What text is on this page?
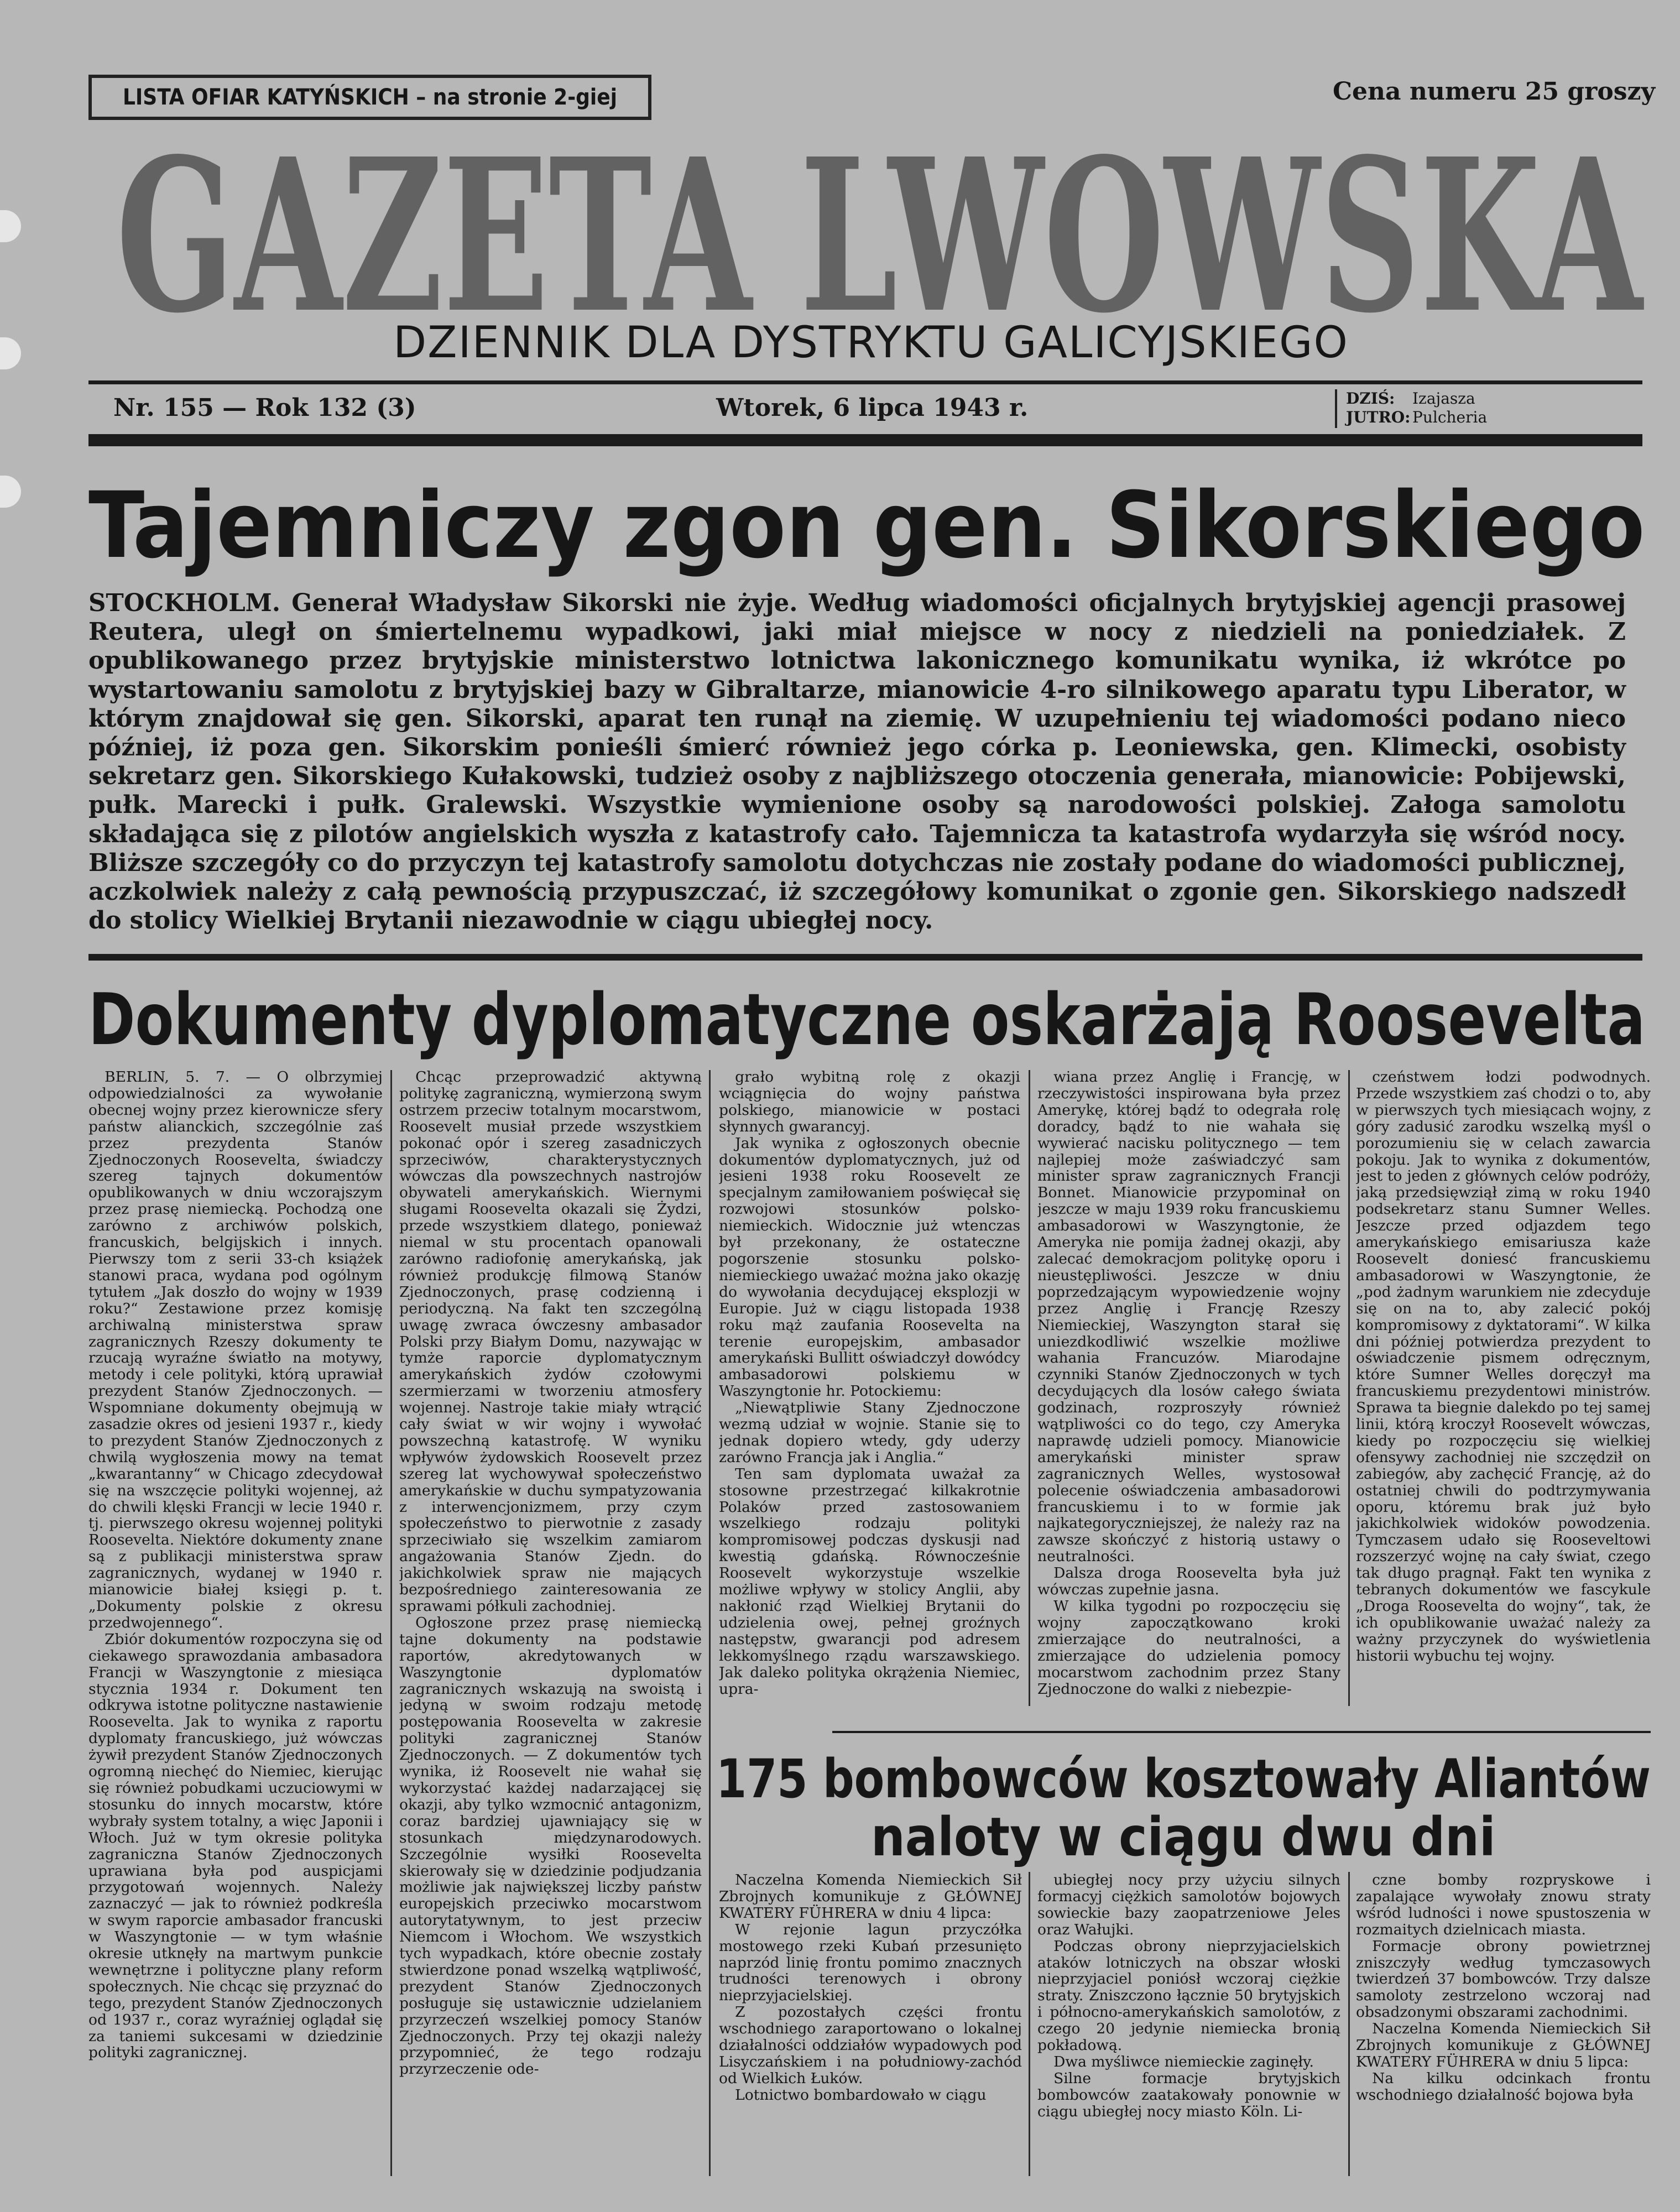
LISTA OFIAR KATYŃSKICH – na stronie 2-giej	Cena numeru 25 groszy
GAZETA LWOWSKA
DZIENNIK DLA DYSTRYKTU GALICYJSKIEGO
Nr. 155 — Rok 132 (3)	Wtorek, 6 lipca 1943 r.	DZIŚ: Izajasza
JUTRO: Pulcheria
Tajemniczy zgon gen. Sikorskiego

STOCKHOLM. Generał Władysław Sikorski nie żyje. Według wiadomości oficjalnych brytyjskiej agencji prasowej Reutera, uległ on śmiertelnemu wypadkowi, jaki miał miejsce w nocy z niedzieli na poniedziałek. Z opublikowanego przez brytyjskie ministerstwo lotnictwa lakonicznego komunikatu wynika, iż wkrótce po wystartowaniu samolotu z brytyjskiej bazy w Gibraltarze, mianowicie 4-ro silnikowego aparatu typu Liberator, w którym znajdował się gen. Sikorski, aparat ten runął na ziemię. W uzupełnieniu tej wiadomości podano nieco później, iż poza gen. Sikorskim ponieśli śmierć również jego córka p. Leoniewska, gen. Klimecki, osobisty sekretarz gen. Sikorskiego Kułakowski, tudzież osoby z najbliższego otoczenia generała, mianowicie: Pobijewski, pułk. Marecki i pułk. Gralewski. Wszystkie wymienione osoby są narodowości polskiej. Załoga samolotu składająca się z pilotów angielskich wyszła z katastrofy cało. Tajemnicza ta katastrofa wydarzyła się wśród nocy. Bliższe szczegóły co do przyczyn tej katastrofy samolotu dotychczas nie zostały podane do wiadomości publicznej, aczkolwiek należy z całą pewnością przypuszczać, iż szczegółowy komunikat o zgonie gen. Sikorskiego nadszedł do stolicy Wielkiej Brytanii niezawodnie w ciągu ubiegłej nocy.

Dokumenty dyplomatyczne oskarżają Roosevelta

BERLIN, 5. 7. — O olbrzymiej odpowiedzialności za wywołanie obecnej wojny przez kierownicze sfery państw alianckich, szczególnie zaś przez prezydenta Stanów Zjednoczonych Roosevelta, świadczy szereg tajnych dokumentów opublikowanych w dniu wczorajszym przez prasę niemiecką. Pochodzą one zarówno z archiwów polskich, francuskich, belgijskich i innych. Pierwszy tom z serii 33-ch książek stanowi praca, wydana pod ogólnym tytułem „Jak doszło do wojny w 1939 roku?“ Zestawione przez komisję archiwalną ministerstwa spraw zagranicznych Rzeszy dokumenty te rzucają wyraźne światło na motywy, metody i cele polityki, którą uprawiał prezydent Stanów Zjednoczonych. — Wspomniane dokumenty obejmują w zasadzie okres od jesieni 1937 r., kiedy to prezydent Stanów Zjednoczonych z chwilą wygłoszenia mowy na temat „kwarantanny“ w Chicago zdecydował się na wszczęcie polityki wojennej, aż do chwili klęski Francji w lecie 1940 r. tj. pierwszego okresu wojennej polityki Roosevelta. Niektóre dokumenty znane są z publikacji ministerstwa spraw zagranicznych, wydanej w 1940 r. mianowicie białej księgi p. t. „Dokumenty polskie z okresu przedwojennego“.

Zbiór dokumentów rozpoczyna się od ciekawego sprawozdania ambasadora Francji w Waszyngtonie z miesiąca stycznia 1934 r. Dokument ten odkrywa istotne polityczne nastawienie Roosevelta. Jak to wynika z raportu dyplomaty francuskiego, już wówczas żywił prezydent Stanów Zjednoczonych ogromną niechęć do Niemiec, kierując się również pobudkami uczuciowymi w stosunku do innych mocarstw, które wybrały system totalny, a więc Japonii i Włoch. Już w tym okresie polityka zagraniczna Stanów Zjednoczonych uprawiana była pod auspicjami przygotowań wojennych. Należy zaznaczyć — jak to również podkreśla w swym raporcie ambasador francuski w Waszyngtonie — w tym właśnie okresie utknęły na martwym punkcie wewnętrzne i polityczne plany reform społecznych. Nie chcąc się przyznać do tego, prezydent Stanów Zjednoczonych od 1937 r., coraz wyraźniej oglądał się za taniemi sukcesami w dziedzinie polityki zagranicznej.

Chcąc przeprowadzić aktywną politykę zagraniczną, wymierzoną swym ostrzem przeciw totalnym mocarstwom, Roosevelt musiał przede wszystkiem pokonać opór i szereg zasadniczych sprzeciwów, charakterystycznych wówczas dla powszechnych nastrojów obywateli amerykańskich. Wiernymi sługami Roosevelta okazali się Żydzi, przede wszystkiem dlatego, ponieważ niemal w stu procentach opanowali zarówno radiofonię amerykańską, jak również produkcję filmową Stanów Zjednoczonych, prasę codzienną i periodyczną. Na fakt ten szczególną uwagę zwraca ówczesny ambasador Polski przy Białym Domu, nazywając w tymże raporcie dyplomatycznym amerykańskich żydów czołowymi szermierzami w tworzeniu atmosfery wojennej. Nastroje takie miały wtrącić cały świat w wir wojny i wywołać powszechną katastrofę. W wyniku wpływów żydowskich Roosevelt przez szereg lat wychowywał społeczeństwo amerykańskie w duchu sympatyzowania z interwencjonizmem, przy czym społeczeństwo to pierwotnie z zasady sprzeciwiało się wszelkim zamiarom angażowania Stanów Zjedn. do jakichkolwiek spraw nie mających bezpośredniego zainteresowania ze sprawami półkuli zachodniej.

Ogłoszone przez prasę niemiecką tajne dokumenty na podstawie raportów, akredytowanych w Waszyngtonie dyplomatów zagranicznych wskazują na swoistą i jedyną w swoim rodzaju metodę postępowania Roosevelta w zakresie polityki zagranicznej Stanów Zjednoczonych. — Z dokumentów tych wynika, iż Roosevelt nie wahał się wykorzystać każdej nadarzającej się okazji, aby tylko wzmocnić antagonizm, coraz bardziej ujawniający się w stosunkach międzynarodowych. Szczególnie wysiłki Roosevelta skierowały się w dziedzinie podjudzania możliwie jak największej liczby państw europejskich przeciwko mocarstwom autorytatywnym, to jest przeciw Niemcom i Włochom. We wszystkich tych wypadkach, które obecnie zostały stwierdzone ponad wszelką wątpliwość, prezydent Stanów Zjednoczonych posługuje się ustawicznie udzielaniem przyrzeczeń wszelkiej pomocy Stanów Zjednoczonych. Przy tej okazji należy przypomnieć, że tego rodzaju przyrzeczenie ode-

grało wybitną rolę z okazji wciągnięcia do wojny państwa polskiego, mianowicie w postaci słynnych gwarancyj.

Jak wynika z ogłoszonych obecnie dokumentów dyplomatycznych, już od jesieni 1938 roku Roosevelt ze specjalnym zamiłowaniem poświęcał się rozwojowi stosunków polsko-niemieckich. Widocznie już wtenczas był przekonany, że ostateczne pogorszenie stosunku polsko-niemieckiego uważać można jako okazję do wywołania decydującej eksplozji w Europie. Już w ciągu listopada 1938 roku mąż zaufania Roosevelta na terenie europejskim, ambasador amerykański Bullitt oświadczył dowódcy ambasadorowi polskiemu w Waszyngtonie hr. Potockiemu:

„Niewątpliwie Stany Zjednoczone wezmą udział w wojnie. Stanie się to jednak dopiero wtedy, gdy uderzy zarówno Francja jak i Anglia.“

Ten sam dyplomata uważał za stosowne przestrzegać kilkakrotnie Polaków przed zastosowaniem wszelkiego rodzaju polityki kompromisowej podczas dyskusji nad kwestią gdańską. Równocześnie Roosevelt wykorzystuje wszelkie możliwe wpływy w stolicy Anglii, aby nakłonić rząd Wielkiej Brytanii do udzielenia owej, pełnej groźnych następstw, gwarancji pod adresem lekkomyślnego rządu warszawskiego. Jak daleko polityka okrążenia Niemiec, upra-

wiana przez Anglię i Francję, w rzeczywistości inspirowana była przez Amerykę, której bądź to odegrała rolę doradcy, bądź to nie wahała się wywierać nacisku politycznego — tem najlepiej może zaświadczyć sam minister spraw zagranicznych Francji Bonnet. Mianowicie przypominał on jeszcze w maju 1939 roku francuskiemu ambasadorowi w Waszyngtonie, że Ameryka nie pomija żadnej okazji, aby zalecać demokracjom politykę oporu i nieustępliwości. Jeszcze w dniu poprzedzającym wypowiedzenie wojny przez Anglię i Francję Rzeszy Niemieckiej, Waszyngton starał się uniezdkodliwić wszelkie możliwe wahania Francuzów. Miarodajne czynniki Stanów Zjednoczonych w tych decydujących dla losów całego świata godzinach, rozproszyły również wątpliwości co do tego, czy Ameryka naprawdę udzieli pomocy. Mianowicie amerykański minister spraw zagranicznych Welles, wystosował polecenie oświadczenia ambasadorowi francuskiemu i to w formie jak najkategoryczniejszej, że należy raz na zawsze skończyć z historią ustawy o neutralności.

Dalsza droga Roosevelta była już wówczas zupełnie jasna.

W kilka tygodni po rozpoczęciu się wojny zapoczątkowano kroki zmierzające do neutralności, a zmierzające do udzielenia pomocy mocarstwom zachodnim przez Stany Zjednoczone do walki z niebezpie-

czeństwem łodzi podwodnych. Przede wszystkiem zaś chodzi o to, aby w pierwszych tych miesiącach wojny, z góry zadusić zarodku wszelką myśl o porozumieniu się w celach zawarcia pokoju. Jak to wynika z dokumentów, jest to jeden z głównych celów podróży, jaką przedsięwziął zimą w roku 1940 podsekretarz stanu Sumner Welles. Jeszcze przed odjazdem tego amerykańskiego emisariusza każe Roosevelt doniesć francuskiemu ambasadorowi w Waszyngtonie, że „pod żadnym warunkiem nie zdecyduje się on na to, aby zalecić pokój kompromisowy z dyktatorami“. W kilka dni później potwierdza prezydent to oświadczenie pismem odręcznym, które Sumner Welles doręczył ma francuskiemu prezydentowi ministrów. Sprawa ta biegnie dalekdo po tej samej linii, którą kroczył Roosevelt wówczas, kiedy po rozpoczęciu się wielkiej ofensywy zachodniej nie szczędził on zabiegów, aby zachęcić Francję, aż do ostatniej chwili do podtrzymywania oporu, któremu brak już było jakichkolwiek widoków powodzenia. Tymczasem udało się Rooseveltowi rozszerzyć wojnę na cały świat, czego tak długo pragnął. Fakt ten wynika z tebranych dokumentów we fascykule „Droga Roosevelta do wojny“, tak, że ich opublikowanie uważać należy za ważny przyczynek do wyświetlenia historii wybuchu tej wojny.

175 bombowców kosztowały Aliantów
naloty w ciągu dwu dni

Naczelna Komenda Niemieckich Sił Zbrojnych komunikuje z GŁÓWNEJ KWATERY FÜHRERA w dniu 4 lipca:

W rejonie lagun przyczółka mostowego rzeki Kubań przesunięto naprzód linię frontu pomimo znacznych trudności terenowych i obrony nieprzyjacielskiej.

Z pozostałych części frontu wschodniego zaraportowano o lokalnej działalności oddziałów wypadowych pod Lisyczańskiem i na południowy-zachód od Wielkich Łuków.

Lotnictwo bombardowało w ciągu

ubiegłej nocy przy użyciu silnych formacyj ciężkich samolotów bojowych sowieckie bazy zaopatrzeniowe Jeles oraz Wałujki.

Podczas obrony nieprzyjacielskich ataków lotniczych na obszar włoski nieprzyjaciel poniósł wczoraj ciężkie straty. Zniszczono łącznie 50 brytyjskich i północno-amerykańskich samolotów, z czego 20 jedynie niemiecka bronią pokładową.

Dwa myśliwce niemieckie zaginęły.

Silne formacje brytyjskich bombowców zaatakowały ponownie w ciągu ubiegłej nocy miasto Köln. Li-

czne bomby rozpryskowe i zapalające wywołały znowu straty wśród ludności i nowe spustoszenia w rozmaitych dzielnicach miasta.

Formacje obrony powietrznej zniszczyły według tymczasowych twierdzeń 37 bombowców. Trzy dalsze samoloty zestrzelono wczoraj nad obsadzonymi obszarami zachodnimi.

Naczelna Komenda Niemieckich Sił Zbrojnych komunikuje z GŁÓWNEJ KWATERY FÜHRERA w dniu 5 lipca:

Na kilku odcinkach frontu wschodniego działalność bojowa była
